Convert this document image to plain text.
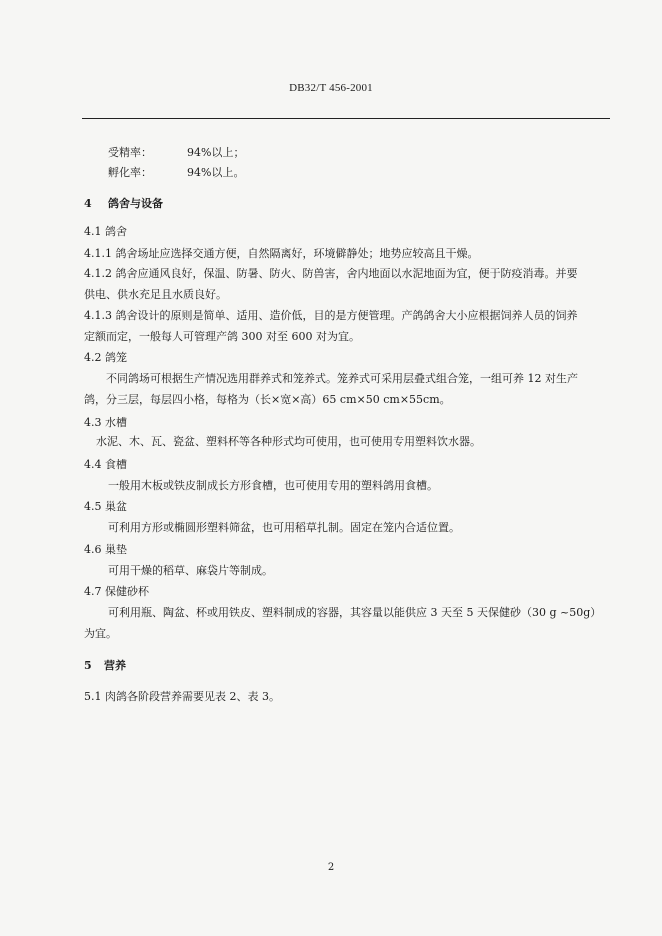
DB32/T 456-2001
受精率：	94%以上；
孵化率：	94%以上。
4 鸽舍与设备
4.1 鸽舍
4.1.1 鸽舍场址应选择交通方便，自然隔离好，环境僻静处；地势应较高且干燥。
4.1.2 鸽舍应通风良好，保温、防暑、防火、防兽害，舍内地面以水泥地面为宜，便于防疫消毒。并要
供电、供水充足且水质良好。
4.1.3 鸽舍设计的原则是简单、适用、造价低，目的是方便管理。产鸽鸽舍大小应根据饲养人员的饲养
定额而定，一般每人可管理产鸽 300 对至 600 对为宜。
4.2 鸽笼
不同鸽场可根据生产情况选用群养式和笼养式。笼养式可采用层叠式组合笼，一组可养 12 对生产
鸽，分三层，每层四小格，每格为（长×宽×高）65 cm×50 cm×55cm。
4.3 水槽
水泥、木、瓦、瓷盆、塑料杯等各种形式均可使用，也可使用专用塑料饮水器。
4.4 食槽
一般用木板或铁皮制成长方形食槽，也可使用专用的塑料鸽用食槽。
4.5 巢盆
可利用方形或椭圆形塑料筛盆，也可用稻草扎制。固定在笼内合适位置。
4.6 巢垫
可用干燥的稻草、麻袋片等制成。
4.7 保健砂杯
可利用瓶、陶盆、杯或用铁皮、塑料制成的容器，其容量以能供应 3 天至 5 天保健砂（30 g ~50g）
为宜。
5 营养
5.1 肉鸽各阶段营养需要见表 2、表 3。
2
